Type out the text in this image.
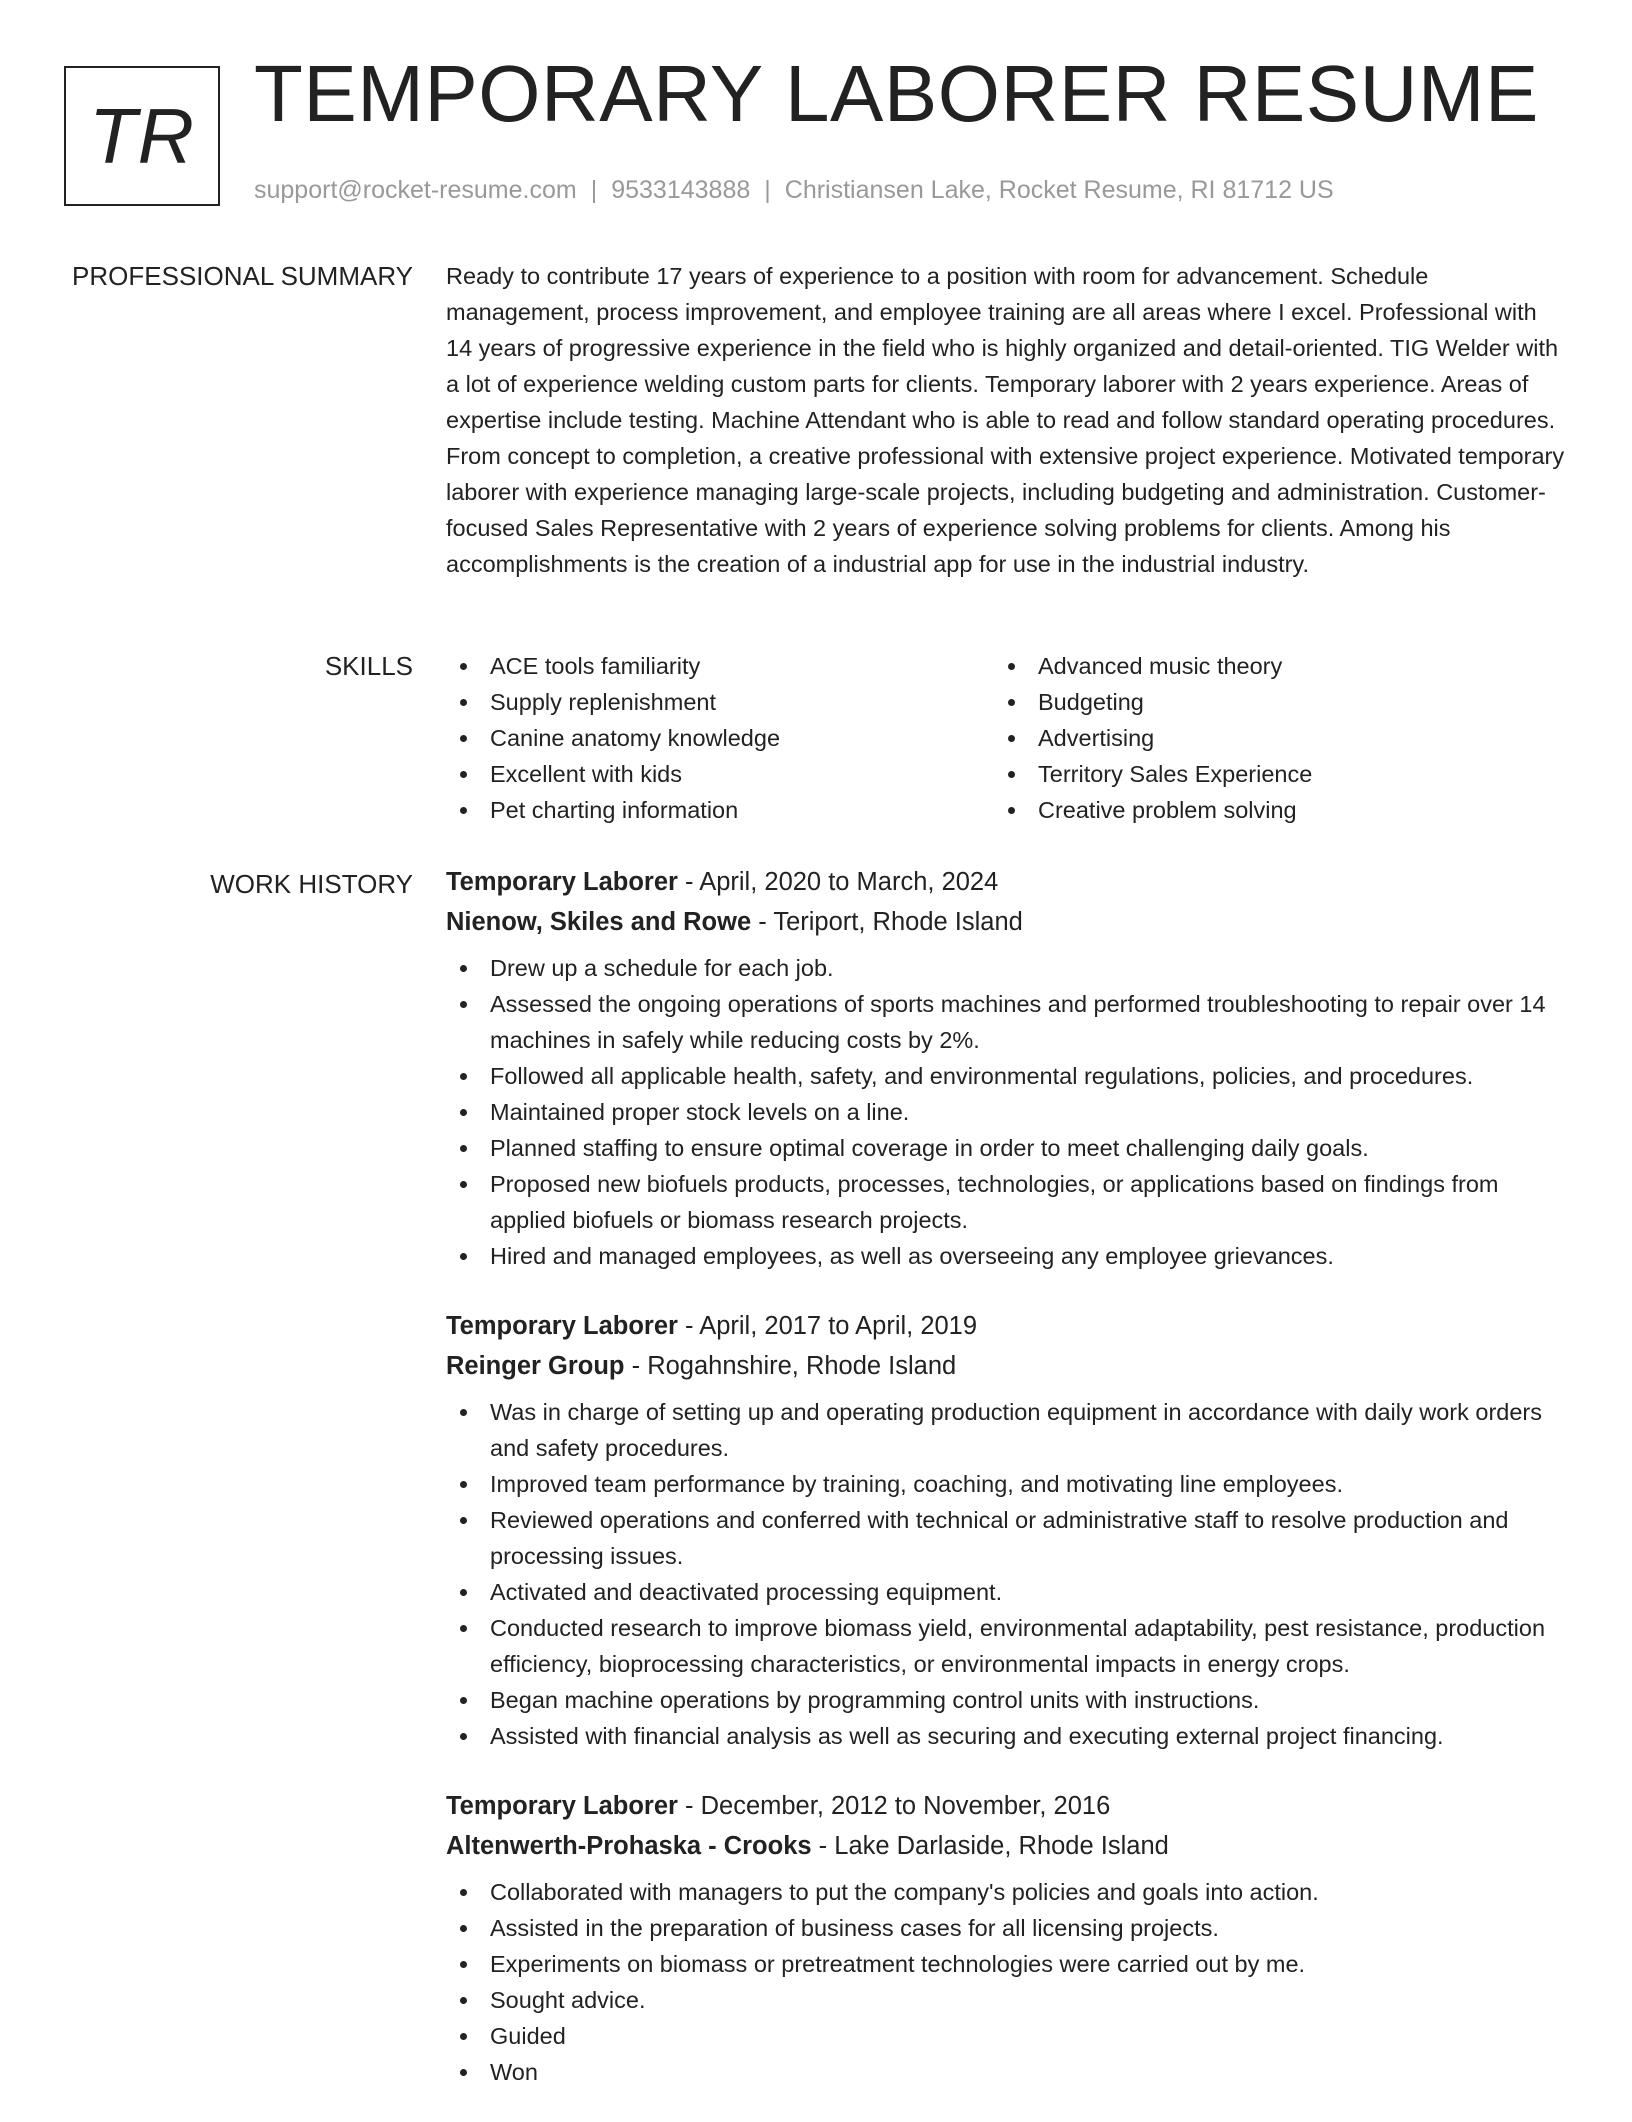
TR TEMPORARY LABORER RESUME
support@rocket-resume.com | 9533143888 | Christiansen Lake, Rocket Resume, RI 81712 US
PROFESSIONAL SUMMARY Ready to contribute 17 years of experience to a position with room for advancement. Schedule management, process improvement, and employee training are all areas where I excel. Professional with 14 years of progressive experience in the field who is highly organized and detail-oriented. TIG Welder with a lot of experience welding custom parts for clients. Temporary laborer with 2 years experience. Areas of expertise include testing. Machine Attendant who is able to read and follow standard operating procedures. From concept to completion, a creative professional with extensive project experience. Motivated temporary laborer with experience managing large-scale projects, including budgeting and administration. Customer-focused Sales Representative with 2 years of experience solving problems for clients. Among his accomplishments is the creation of a industrial app for use in the industrial industry.

SKILLS	ACE tools familiarity
Supply replenishment
Canine anatomy knowledge
Excellent with kids
Pet charting information
Advanced music theory
Budgeting
Advertising
Territory Sales Experience
Creative problem solving
WORK HISTORY Temporary Laborer - April, 2020 to March, 2024
Nienow, Skiles and Rowe - Teriport, Rhode Island
Drew up a schedule for each job.
Assessed the ongoing operations of sports machines and performed troubleshooting to repair over 14 machines in safely while reducing costs by 2%.
Followed all applicable health, safety, and environmental regulations, policies, and procedures.
Maintained proper stock levels on a line.
Planned staffing to ensure optimal coverage in order to meet challenging daily goals.
Proposed new biofuels products, processes, technologies, or applications based on findings from applied biofuels or biomass research projects.
Hired and managed employees, as well as overseeing any employee grievances.
Temporary Laborer - April, 2017 to April, 2019
Reinger Group - Rogahnshire, Rhode Island
Was in charge of setting up and operating production equipment in accordance with daily work orders and safety procedures.
Improved team performance by training, coaching, and motivating line employees.
Reviewed operations and conferred with technical or administrative staff to resolve production and processing issues.
Activated and deactivated processing equipment.
Conducted research to improve biomass yield, environmental adaptability, pest resistance, production efficiency, bioprocessing characteristics, or environmental impacts in energy crops.
Began machine operations by programming control units with instructions.
Assisted with financial analysis as well as securing and executing external project financing.
Temporary Laborer - December, 2012 to November, 2016
Altenwerth-Prohaska - Crooks - Lake Darlaside, Rhode Island
Collaborated with managers to put the company's policies and goals into action.
Assisted in the preparation of business cases for all licensing projects.
Experiments on biomass or pretreatment technologies were carried out by me.
Sought advice.
Guided
Won
